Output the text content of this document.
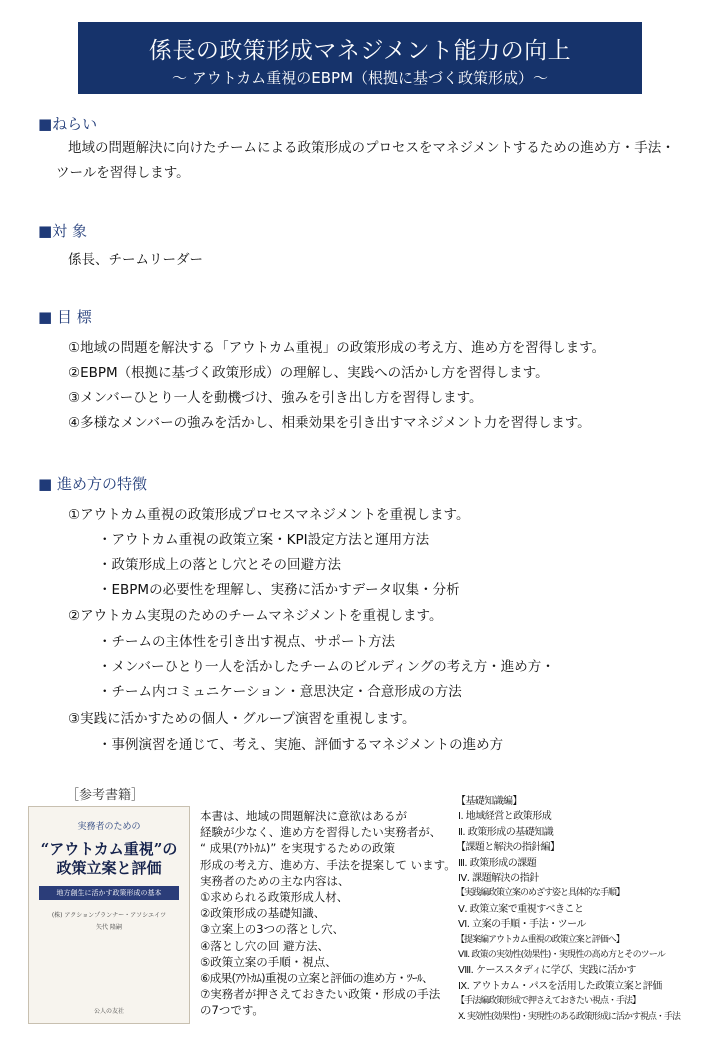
係長の政策形成マネジメント能力の向上
～ アウトカム重視のEBPM（根拠に基づく政策形成）～
■ねらい
地域の問題解決に向けたチームによる政策形成のプロセスをマネジメントするための進め方・手法・
ツールを習得します。
■対 象
係長、チームリーダー
■ 目 標
①地域の問題を解決する「アウトカム重視」の政策形成の考え方、進め方を習得します。
②EBPM（根拠に基づく政策形成）の理解し、実践への活かし方を習得します。
③メンバーひとり一人を動機づけ、強みを引き出し方を習得します。
④多様なメンバーの強みを活かし、相乗効果を引き出すマネジメント力を習得します。
■ 進め方の特徴
①アウトカム重視の政策形成プロセスマネジメントを重視します。
・アウトカム重視の政策立案・KPI設定方法と運用方法
・政策形成上の落とし穴とその回避方法
・EBPMの必要性を理解し、実務に活かすデータ収集・分析
②アウトカム実現のためのチームマネジメントを重視します。
・チームの主体性を引き出す視点、サポート方法
・メンバーひとり一人を活かしたチームのビルディングの考え方・進め方・
・チーム内コミュニケーション・意思決定・合意形成の方法
③実践に活かすための個人・グループ演習を重視します。
・事例演習を通じて、考え、実施、評価するマネジメントの進め方
［参考書籍］
実務者のための
“アウトカム重視”の
政策立案と評価
地方創生に活かす政策形成の基本
(株) アクションプランナー・アソシエイツ
矢代 隆嗣
公人の友社
本書は、地域の問題解決に意欲はあるが
経験が少なく、進め方を習得したい実務者が、
“ 成果(ｱｳﾄｶﾑ)” を実現するための政策
形成の考え方、進め方、手法を提案して います。
実務者のための主な内容は、
①求められる政策形成人材、
②政策形成の基礎知識、
③立案上の3つの落とし穴、
④落とし穴の回 避方法、
⑤政策立案の手順・視点、
⑥成果(ｱｳﾄｶﾑ)重視の立案と評価の進め方・ﾂｰﾙ、
⑦実務者が押さえておきたい政策・形成の手法
の7つです。
【基礎知識編】
Ⅰ. 地域経営と政策形成
Ⅱ. 政策形成の基礎知識
【課題と解決の指針編】
Ⅲ. 政策形成の課題
Ⅳ. 課題解決の指針
【実践編政策立案のめざす姿と具体的な手順】
Ⅴ. 政策立案で重視すべきこと
Ⅵ. 立案の手順・手法・ツール
【提案編アウトカム重視の政策立案と評価へ】
Ⅶ. 政策の実効性(効果性)・実現性の高め方とそのツール
Ⅷ. ケーススタディに学び、実践に活かす
Ⅸ. アウトカム・パスを活用した政策立案と評価
【手法編政策形成で押さえておきたい視点・手法】
Ⅹ. 実効性(効果性)・実現性のある政策形成に活かす視点・手法
